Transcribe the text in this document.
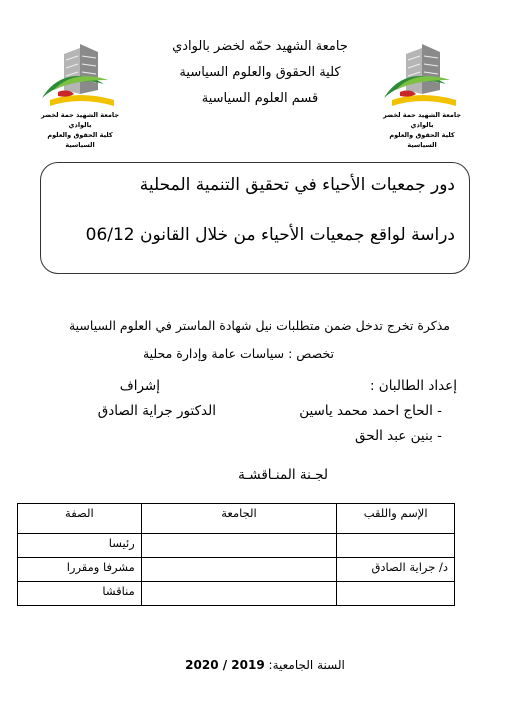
جامعة الشهيد حمة لخضر بالوادي
كلية الحقوق والعلوم السياسية
جامعة الشهيد حمة لخضر بالوادي
كلية الحقوق والعلوم السياسية
جامعة الشهيد حمّه لخضر بالوادي
كلية الحقوق والعلوم السياسية
قسم العلوم السياسية
دور جمعيات الأحياء في تحقيق التنمية المحلية
دراسة لواقع جمعيات الأحياء من خلال القانون 06/12
مذكرة تخرج تدخل ضمن متطلبات نيل شهادة الماستر في العلوم السياسية
تخصص : سياسات عامة وإدارة محلية
إعداد الطالبان :
إشراف
- الحاج احمد محمد ياسين
الدكتور جراية الصادق
- بنين عبد الحق
لجـنة المنـاقشـة
الإسم واللقب	الجامعة	الصفة
		رئيسا
د/ جراية الصادق		مشرفا ومقررا
		مناقشا
السنة الجامعية: 2020 / 2019
